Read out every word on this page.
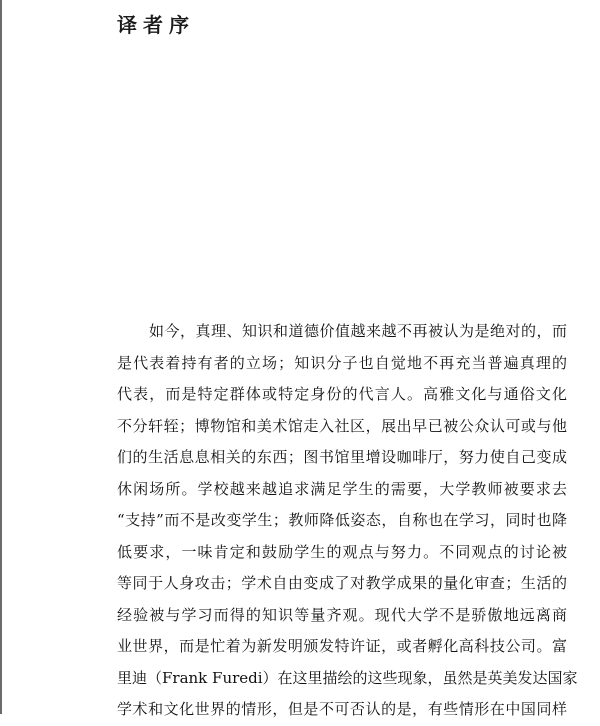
译者序
如今，真理、知识和道德价值越来越不再被认为是绝对的，而
是代表着持有者的立场；知识分子也自觉地不再充当普遍真理的
代表，而是特定群体或特定身份的代言人。高雅文化与通俗文化
不分轩轾；博物馆和美术馆走入社区，展出早已被公众认可或与他
们的生活息息相关的东西；图书馆里增设咖啡厅，努力使自己变成
休闲场所。学校越来越追求满足学生的需要，大学教师被要求去
“支持”而不是改变学生；教师降低姿态，自称也在学习，同时也降
低要求，一味肯定和鼓励学生的观点与努力。不同观点的讨论被
等同于人身攻击；学术自由变成了对教学成果的量化审查；生活的
经验被与学习而得的知识等量齐观。现代大学不是骄傲地远离商
业世界，而是忙着为新发明颁发特许证，或者孵化高科技公司。富
里迪（Frank Furedi）在这里描绘的这些现象，虽然是英美发达国家
学术和文化世界的情形，但是不可否认的是，有些情形在中国同样
